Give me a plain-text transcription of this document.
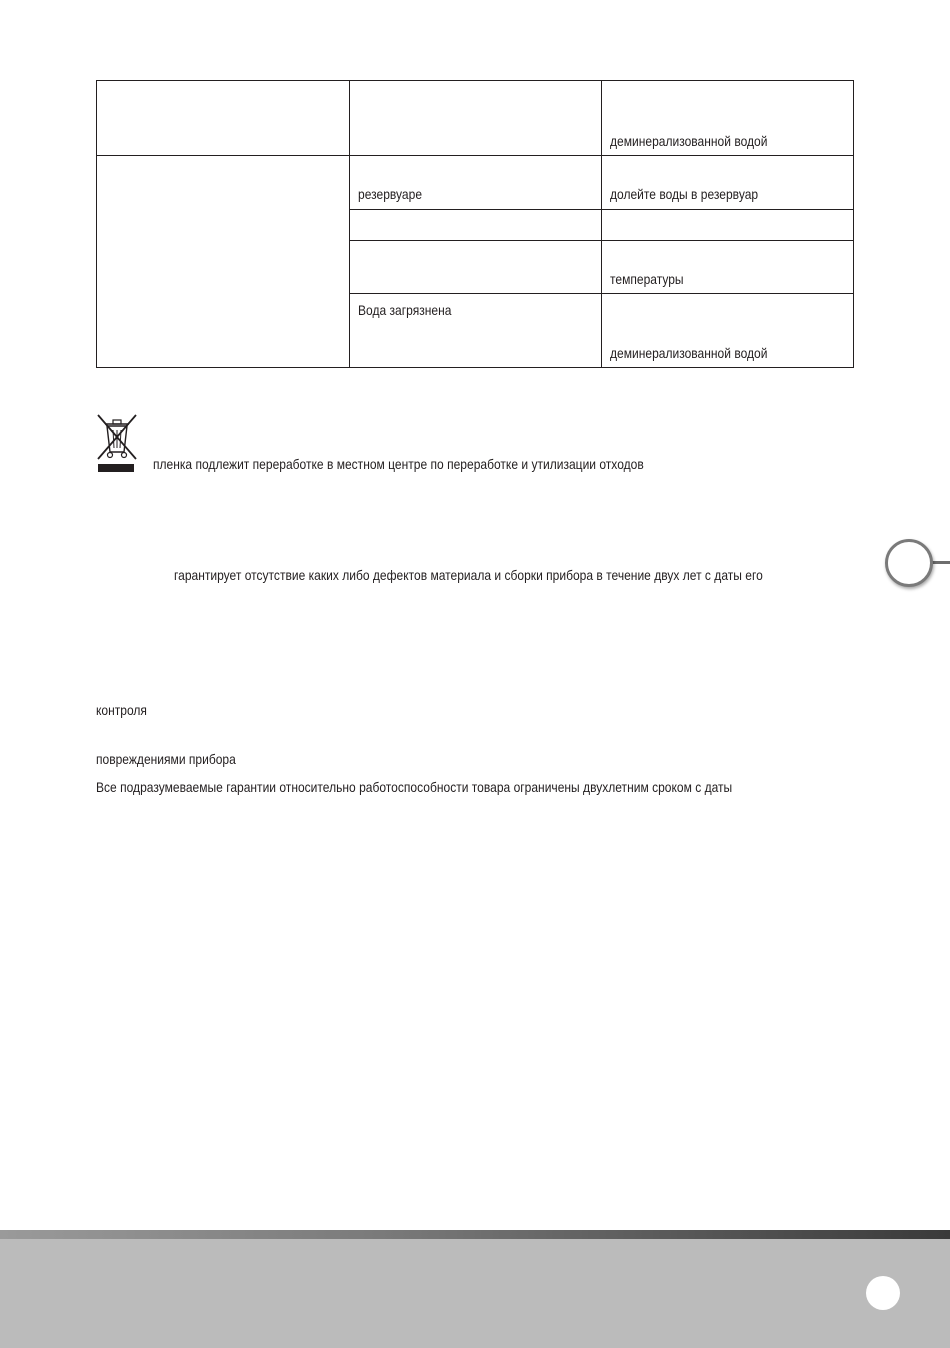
деминерализованной водой
резервуаре	долейте воды в резервуар
температуры
Вода загрязнена
деминерализованной водой
пленка подлежит переработке в местном центре по переработке и утилизации отходов
гарантирует отсутствие каких либо дефектов материала и сборки прибора в течение двух лет с даты его
контроля
повреждениями прибора
Все подразумеваемые гарантии относительно работоспособности товара ограничены двухлетним сроком с даты
